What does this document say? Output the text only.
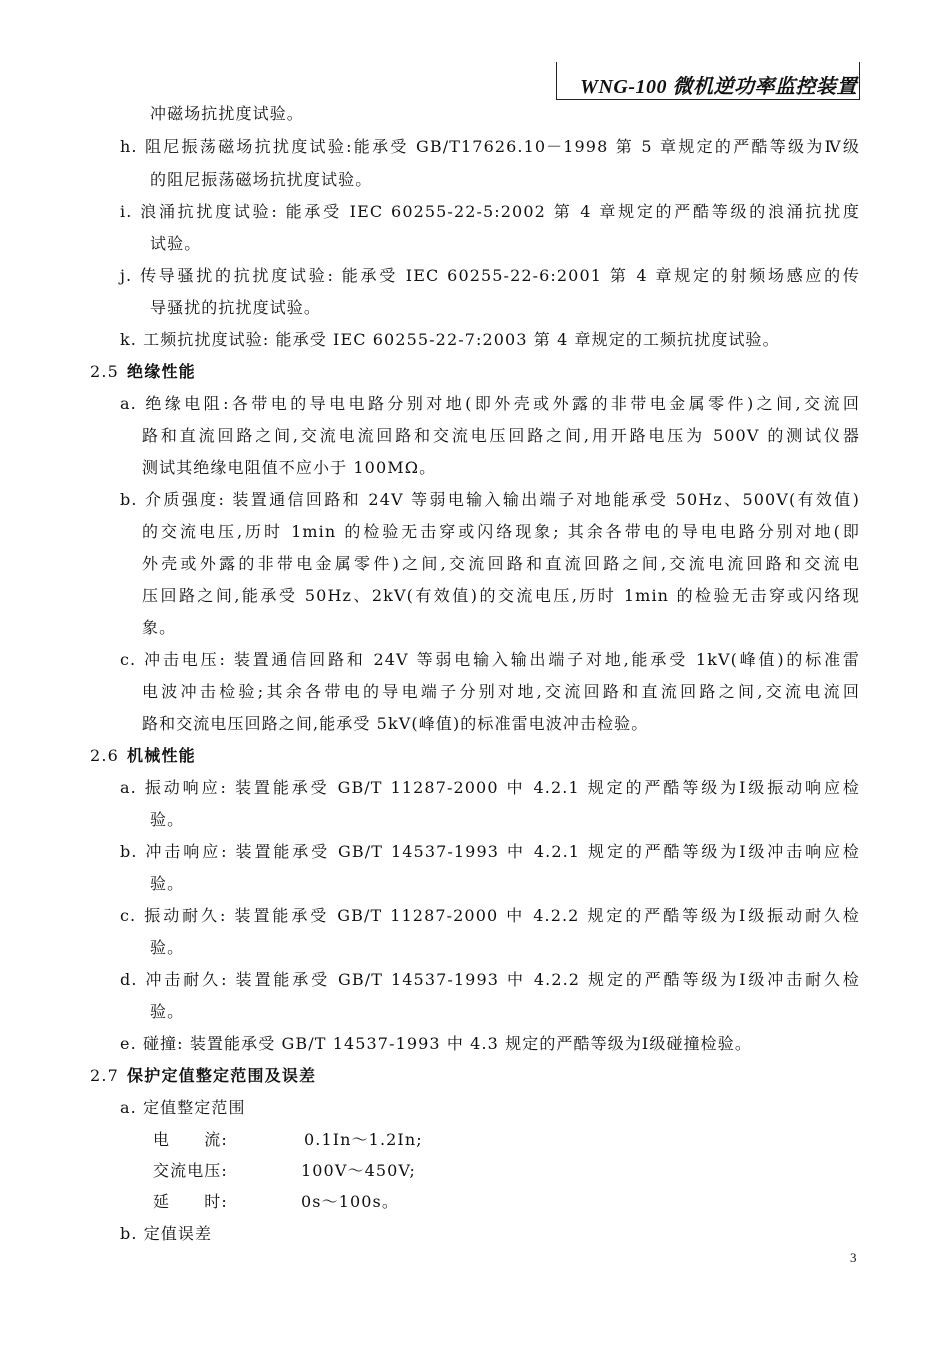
WNG-100 微机逆功率监控装置
冲磁场抗扰度试验。
h. 阻尼振荡磁场抗扰度试验:能承受 GB/T17626.10－1998 第 5 章规定的严酷等级为Ⅳ级
的阻尼振荡磁场抗扰度试验。
i. 浪涌抗扰度试验: 能承受 IEC 60255-22-5:2002 第 4 章规定的严酷等级的浪涌抗扰度
试验。
j. 传导骚扰的抗扰度试验: 能承受 IEC 60255-22-6:2001 第 4 章规定的射频场感应的传
导骚扰的抗扰度试验。
k. 工频抗扰度试验: 能承受 IEC 60255-22-7:2003 第 4 章规定的工频抗扰度试验。
2.5 绝缘性能
a. 绝缘电阻:各带电的导电电路分别对地(即外壳或外露的非带电金属零件)之间,交流回
路和直流回路之间,交流电流回路和交流电压回路之间,用开路电压为 500V 的测试仪器
测试其绝缘电阻值不应小于 100MΩ。
b. 介质强度: 装置通信回路和 24V 等弱电输入输出端子对地能承受 50Hz、500V(有效值)
的交流电压,历时 1min 的检验无击穿或闪络现象; 其余各带电的导电电路分别对地(即
外壳或外露的非带电金属零件)之间,交流回路和直流回路之间,交流电流回路和交流电
压回路之间,能承受 50Hz、2kV(有效值)的交流电压,历时 1min 的检验无击穿或闪络现
象。
c. 冲击电压: 装置通信回路和 24V 等弱电输入输出端子对地,能承受 1kV(峰值)的标准雷
电波冲击检验;其余各带电的导电端子分别对地,交流回路和直流回路之间,交流电流回
路和交流电压回路之间,能承受 5kV(峰值)的标准雷电波冲击检验。
2.6 机械性能
a. 振动响应: 装置能承受 GB/T 11287-2000 中 4.2.1 规定的严酷等级为Ⅰ级振动响应检
验。
b. 冲击响应: 装置能承受 GB/T 14537-1993 中 4.2.1 规定的严酷等级为Ⅰ级冲击响应检
验。
c. 振动耐久: 装置能承受 GB/T 11287-2000 中 4.2.2 规定的严酷等级为Ⅰ级振动耐久检
验。
d. 冲击耐久: 装置能承受 GB/T 14537-1993 中 4.2.2 规定的严酷等级为Ⅰ级冲击耐久检
验。
e. 碰撞: 装置能承受 GB/T 14537-1993 中 4.3 规定的严酷等级为Ⅰ级碰撞检验。
2.7 保护定值整定范围及误差
a. 定值整定范围
电　　流:	0.1In～1.2In;
交流电压:	100V～450V;
延　　时:	0s～100s。
b. 定值误差
3
